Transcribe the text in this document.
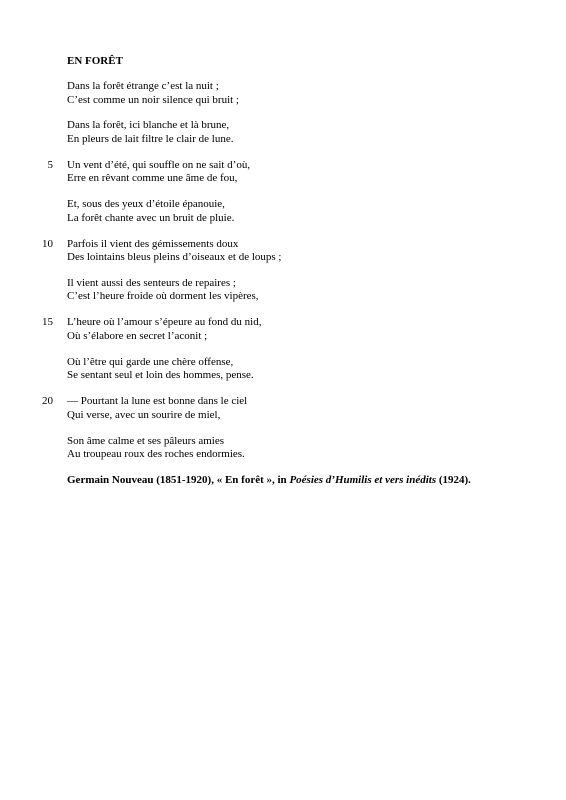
EN FORÊT
Dans la forêt étrange c’est la nuit ;
C’est comme un noir silence qui bruit ;
Dans la forêt, ici blanche et là brune,
En pleurs de lait filtre le clair de lune.
5 Un vent d’été, qui souffle on ne sait d’où,
Erre en rêvant comme une âme de fou,
Et, sous des yeux d’étoile épanouie,
La forêt chante avec un bruit de pluie.
10 Parfois il vient des gémissements doux
Des lointains bleus pleins d’oiseaux et de loups ;
Il vient aussi des senteurs de repaires ;
C’est l’heure froide où dorment les vipères,
15 L’heure où l’amour s’épeure au fond du nid,
Où s’élabore en secret l’aconit ;
Où l’être qui garde une chère offense,
Se sentant seul et loin des hommes, pense.
20 — Pourtant la lune est bonne dans le ciel
Qui verse, avec un sourire de miel,
Son âme calme et ses pâleurs amies
Au troupeau roux des roches endormies.
Germain Nouveau (1851-1920), « En forêt », in Poésies d’Humilis et vers inédits (1924).
